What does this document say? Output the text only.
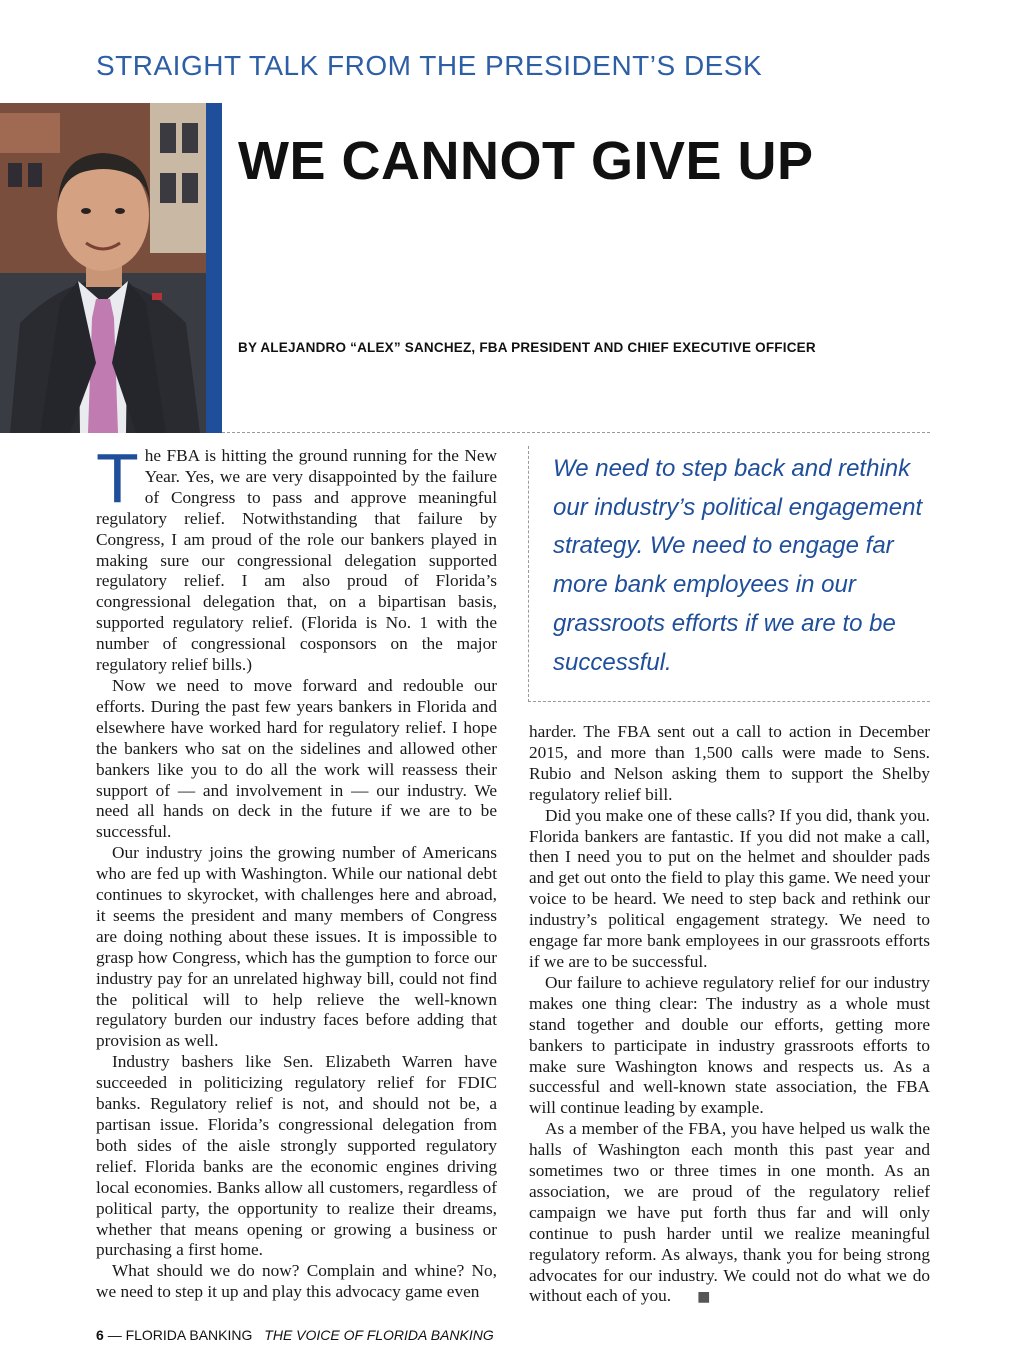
STRAIGHT TALK FROM THE PRESIDENT’S DESK
WE CANNOT GIVE UP
BY ALEJANDRO “ALEX” SANCHEZ, FBA PRESIDENT AND CHIEF EXECUTIVE OFFICER

The FBA is hitting the ground running for the New Year. Yes, we are very disappointed by the failure of Congress to pass and approve meaningful regulatory relief. Notwithstanding that failure by Congress, I am proud of the role our bankers played in making sure our congressional delegation supported regulatory relief. I am also proud of Florida’s congressional delegation that, on a bipartisan basis, supported regulatory relief. (Florida is No. 1 with the number of congressional cosponsors on the major regulatory relief bills.)

Now we need to move forward and redouble our efforts. During the past few years bankers in Florida and elsewhere have worked hard for regulatory relief. I hope the bankers who sat on the sidelines and allowed other bankers like you to do all the work will reassess their support of — and involvement in — our industry. We need all hands on deck in the future if we are to be successful.

Our industry joins the growing number of Americans who are fed up with Washington. While our national debt continues to skyrocket, with challenges here and abroad, it seems the president and many members of Congress are doing nothing about these issues. It is impossible to grasp how Congress, which has the gumption to force our industry pay for an unrelated highway bill, could not find the political will to help relieve the well-known regulatory burden our industry faces before adding that provision as well.

Industry bashers like Sen. Elizabeth Warren have succeeded in politicizing regulatory relief for FDIC banks. Regulatory relief is not, and should not be, a partisan issue. Florida’s congressional delegation from both sides of the aisle strongly supported regulatory relief. Florida banks are the economic engines driving local economies. Banks allow all customers, regardless of political party, the opportunity to realize their dreams, whether that means opening or growing a business or purchasing a first home.

What should we do now? Complain and whine? No, we need to step it up and play this advocacy game even

We need to step back and rethink our industry’s political engagement strategy. We need to engage far more bank employees in our grassroots efforts if we are to be successful.

harder. The FBA sent out a call to action in December 2015, and more than 1,500 calls were made to Sens. Rubio and Nelson asking them to support the Shelby regulatory relief bill.

Did you make one of these calls? If you did, thank you. Florida bankers are fantastic. If you did not make a call, then I need you to put on the helmet and shoulder pads and get out onto the field to play this game. We need your voice to be heard. We need to step back and rethink our industry’s political engagement strategy. We need to engage far more bank employees in our grassroots efforts if we are to be successful.

Our failure to achieve regulatory relief for our industry makes one thing clear: The industry as a whole must stand together and double our efforts, getting more bankers to participate in industry grassroots efforts to make sure Washington knows and respects us. As a successful and well-known state association, the FBA will continue leading by example.

As a member of the FBA, you have helped us walk the halls of Washington each month this past year and sometimes two or three times in one month. As an association, we are proud of the regulatory relief campaign we have put forth thus far and will only continue to push harder until we realize meaningful regulatory reform. As always, thank you for being strong advocates for our industry. We could not do what we do without each of you. ■

6 — FLORIDA BANKING THE VOICE OF FLORIDA BANKING
